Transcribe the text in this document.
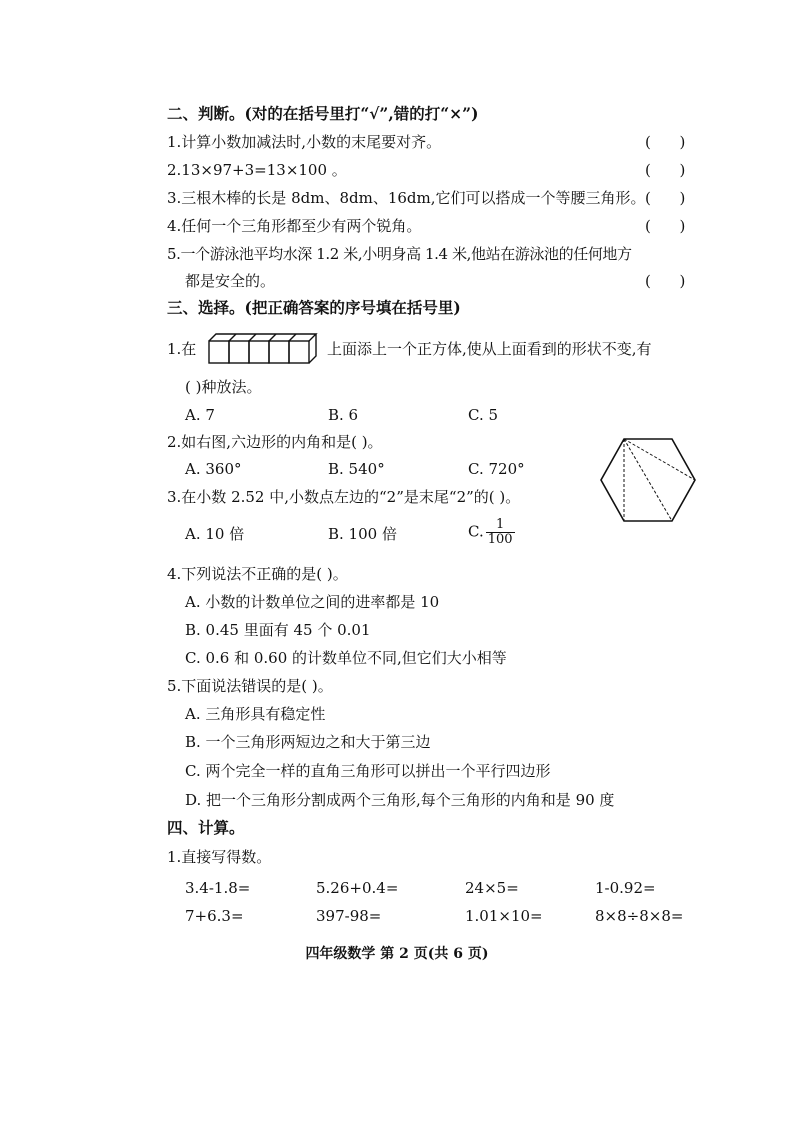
二、判断。(对的在括号里打“√”,错的打“×”)
1.计算小数加减法时,小数的末尾要对齐。	(      )
2.13×97+3=13×100 。	(      )
3.三根木棒的长是 8dm、8dm、16dm,它们可以搭成一个等腰三角形。 (      )
4.任何一个三角形都至少有两个锐角。	(      )
5.一个游泳池平均水深 1.2 米,小明身高 1.4 米,他站在游泳池的任何地方
都是安全的。	(      )
三、选择。(把正确答案的序号填在括号里)
1.在	上面添上一个正方体,使从上面看到的形状不变,有
( )种放法。
A. 7	B. 6	C. 5
2.如右图,六边形的内角和是( )。
A. 360°	B. 540°	C. 720°
3.在小数 2.52 中,小数点左边的“2”是末尾“2”的( )。
A. 10 倍	B. 100 倍	C. $\frac{1}{100}$
4.下列说法不正确的是( )。
A. 小数的计数单位之间的进率都是 10
B. 0.45 里面有 45 个 0.01
C. 0.6 和 0.60 的计数单位不同,但它们大小相等
5.下面说法错误的是( )。
A. 三角形具有稳定性
B. 一个三角形两短边之和大于第三边
C. 两个完全一样的直角三角形可以拼出一个平行四边形
D. 把一个三角形分割成两个三角形,每个三角形的内角和是 90 度
四、计算。
1.直接写得数。
3.4-1.8=	5.26+0.4=	24×5=	1-0.92=
7+6.3=	397-98=	1.01×10=	8×8÷8×8=
四年级数学 第 2 页(共 6 页)
